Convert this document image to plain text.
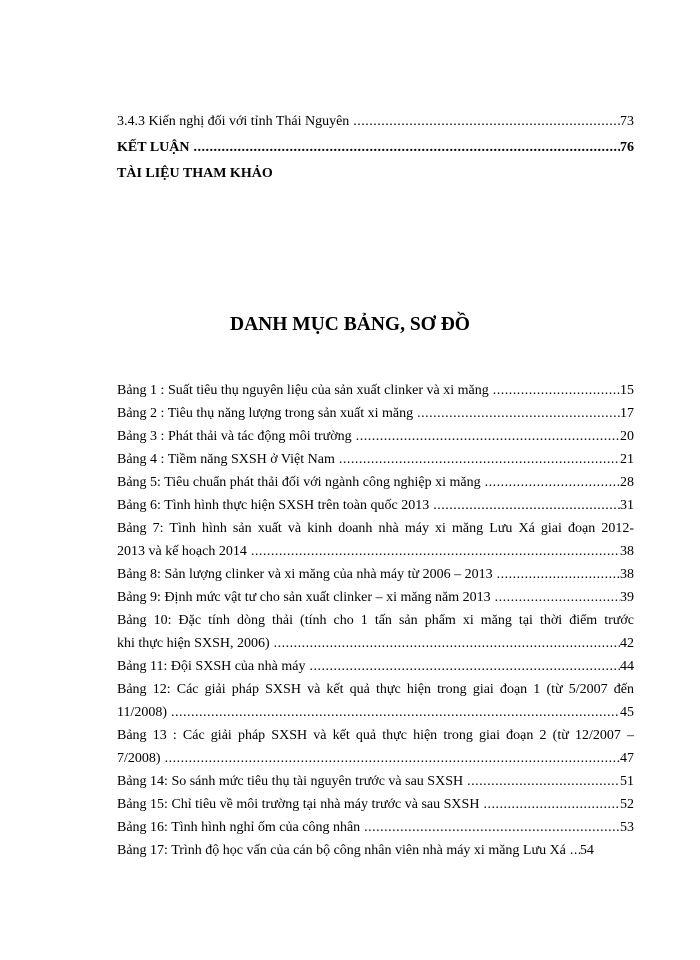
3.4.3 Kiến nghị đối với tỉnh Thái Nguyên .....	73
KẾT LUẬN .....	76
TÀI LIỆU THAM KHẢO
DANH MỤC BẢNG, SƠ ĐỒ
Bảng 1 : Suất tiêu thụ nguyên liệu của sản xuất clinker và xi măng .....	15
Bảng 2 : Tiêu thụ năng lượng trong sản xuất xi măng .....	17
Bảng 3 : Phát thải và tác động môi trường .....	20
Bảng 4 : Tiềm năng SXSH ở Việt Nam .....	21
Bảng 5: Tiêu chuẩn phát thải đối với ngành công nghiệp xi măng .....	28
Bảng 6: Tình hình thực hiện SXSH trên toàn quốc 2013 .....	31
Bảng 7: Tình hình sản xuất và kinh doanh nhà máy xi măng Lưu Xá giai đoạn 2012-
2013 và kế hoạch 2014 .....	38
Bảng 8: Sản lượng clinker và xi măng của nhà máy từ 2006 – 2013 .....	38
Bảng 9: Định mức vật tư cho sản xuất clinker – xi măng năm 2013 .....	39
Bảng 10: Đặc tính dòng thải (tính cho 1 tấn sản phẩm xi măng tại thời điểm trước
khi thực hiện SXSH, 2006) .....	42
Bảng 11: Đội SXSH của nhà máy .....	44
Bảng 12: Các giải pháp SXSH và kết quả thực hiện trong giai đoạn 1 (từ 5/2007 đến
11/2008) .....	45
Bảng 13 : Các giải pháp SXSH và kết quả thực hiện trong giai đoạn 2 (từ 12/2007 –
7/2008) .....	47
Bảng 14: So sánh mức tiêu thụ tài nguyên trước và sau SXSH .....	51
Bảng 15: Chỉ tiêu về môi trường tại nhà máy trước và sau SXSH .....	52
Bảng 16: Tình hình nghỉ ốm của công nhân .....	53
Bảng 17: Trình độ học vấn của cán bộ công nhân viên nhà máy xi măng Lưu Xá ..... 54
